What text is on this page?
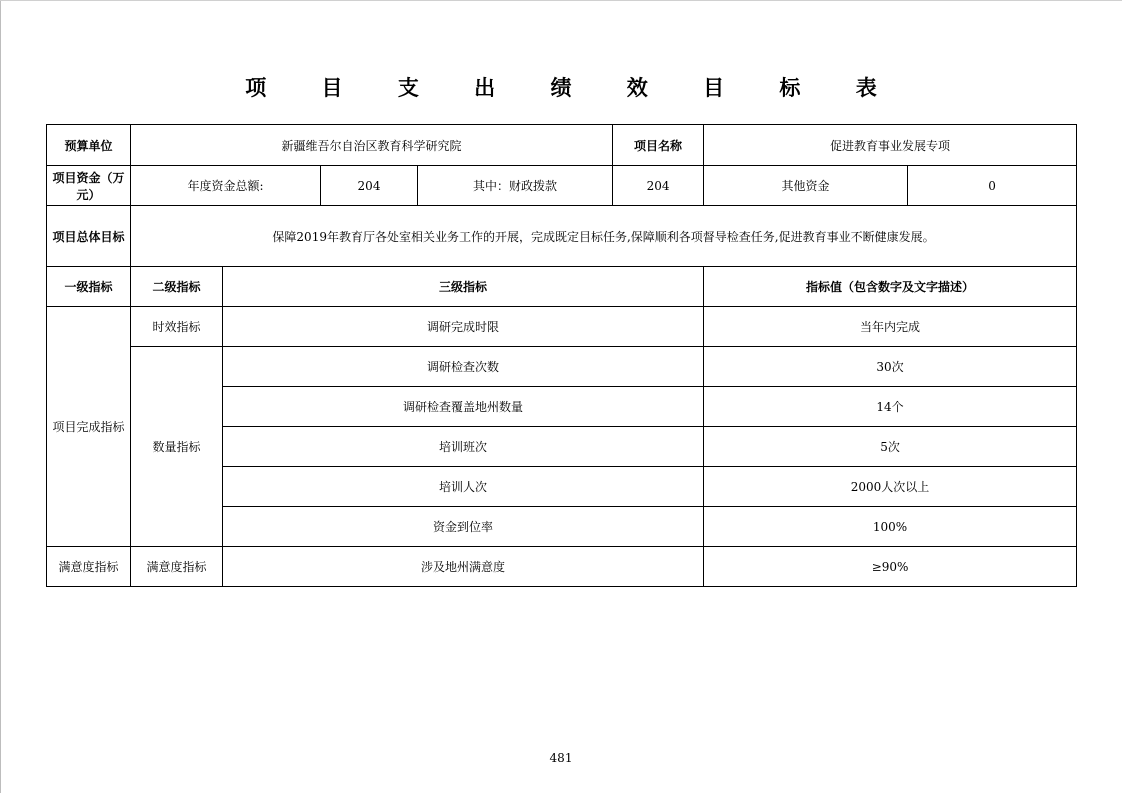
项 目 支 出 绩 效 目 标 表
预算单位	新疆维吾尔自治区教育科学研究院				项目名称	促进教育事业发展专项	
项目资金（万元）	年度资金总额:		204	其中：财政拨款	204	其他资金	0
项目总体目标	保障2019年教育厅各处室相关业务工作的开展，完成既定目标任务,保障顺利各项督导检查任务,促进教育事业不断健康发展。						
一级指标	二级指标	三级指标				指标值（包含数字及文字描述）	
项目完成指标	时效指标	调研完成时限				当年内完成	
	数量指标	调研检查次数				30次	
		调研检查覆盖地州数量				14个	
		培训班次				5次	
		培训人次				2000人次以上	
		资金到位率				100%	
满意度指标	满意度指标	涉及地州满意度				≥90%	
481
